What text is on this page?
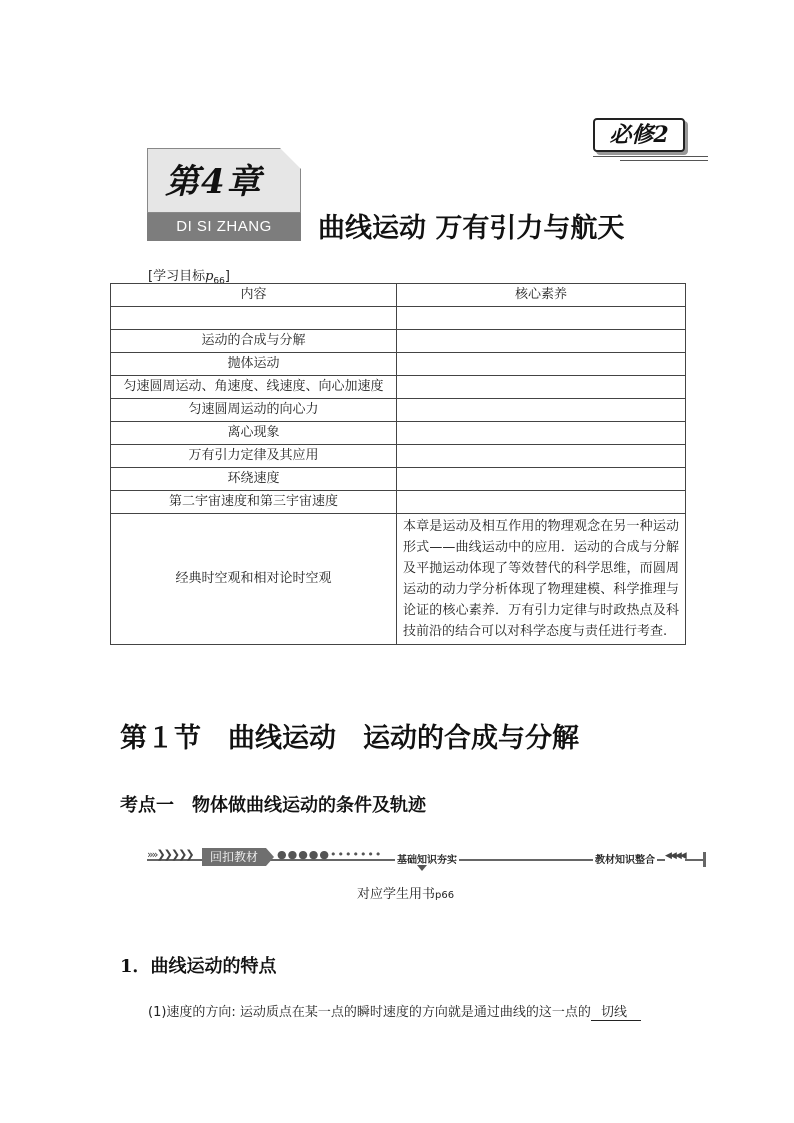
必修2
第4章
DI SI ZHANG	曲线运动 万有引力与航天
[学习目标$p_{66}$]
内容	核心素养

运动的合成与分解	
抛体运动	
匀速圆周运动、角速度、线速度、向心加速度	
匀速圆周运动的向心力	
离心现象	
万有引力定律及其应用	
环绕速度	
第二宇宙速度和第三宇宙速度	
经典时空观和相对论时空观	本章是运动及相互作用的物理观念在另一种运动形式——曲线运动中的应用．运动的合成与分解及平抛运动体现了等效替代的科学思维，而圆周运动的动力学分析体现了物理建模、科学推理与论证的核心素养．万有引力定律与时政热点及科技前沿的结合可以对科学态度与责任进行考查.
第１节　曲线运动　运动的合成与分解
考点一　物体做曲线运动的条件及轨迹
»»❯❯❯❯❯	回扣教材	●●●●●••••••• 基础知识夯实	教材知识整合 ◀◀◀◀
对应学生用书p66
1．曲线运动的特点
(1)速度的方向: 运动质点在某一点的瞬时速度的方向就是通过曲线的这一点的 切线
